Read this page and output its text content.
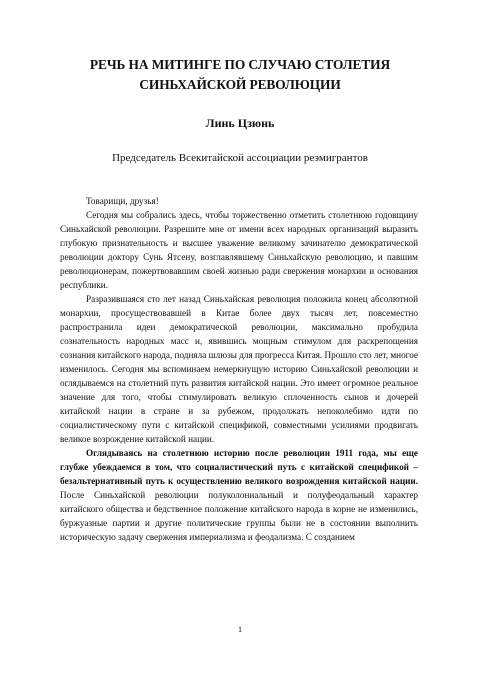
РЕЧЬ НА МИТИНГЕ ПО СЛУЧАЮ СТОЛЕТИЯ
СИНЬХАЙСКОЙ РЕВОЛЮЦИИ
Линь Цзюнь
Председатель Всекитайской ассоциации реэмигрантов

Товарищи, друзья!

Сегодня мы собрались здесь, чтобы торжественно отметить столетнюю годовщину Синьхайской революции. Разрешите мне от имени всех народных организаций выразить глубокую признательность и высшее уважение великому зачинателю демократической революции доктору Сунь Ятсену, возглавлявшему Синьхайскую революцию, и павшим революционерам, пожертвовавшим своей жизнью ради свержения монархии и основания республики.

Разразившаяся сто лет назад Синьхайская революция положила конец абсолютной монархии, просуществовавшей в Китае более двух тысяч лет, повсеместно распространила идеи демократической революции, максимально пробудила сознательность народных масс и, явившись мощным стимулом для раскрепощения сознания китайского народа, подняла шлюзы для прогресса Китая. Прошло сто лет, многое изменилось. Сегодня мы вспоминаем немеркнущую историю Синьхайской революции и оглядываемся на столетний путь развития китайской нации. Это имеет огромное реальное значение для того, чтобы стимулировать великую сплоченность сынов и дочерей китайской нации в стране и за рубежом, продолжать непоколебимо идти по социалистическому пути с китайской спецификой, совместными усилиями продвигать великое возрождение китайской нации.

Оглядываясь на столетнюю историю после революции 1911 года, мы еще глубже убеждаемся в том, что социалистический путь с китайской спецификой – безальтернативный путь к осуществлению великого возрождения китайской нации. После Синьхайской революции полуколониальный и полуфеодальный характер китайского общества и бедственное положение китайского народа в корне не изменились, буржуазные партии и другие политические группы были не в состоянии выполнить историческую задачу свержения империализма и феодализма. С созданием

1
